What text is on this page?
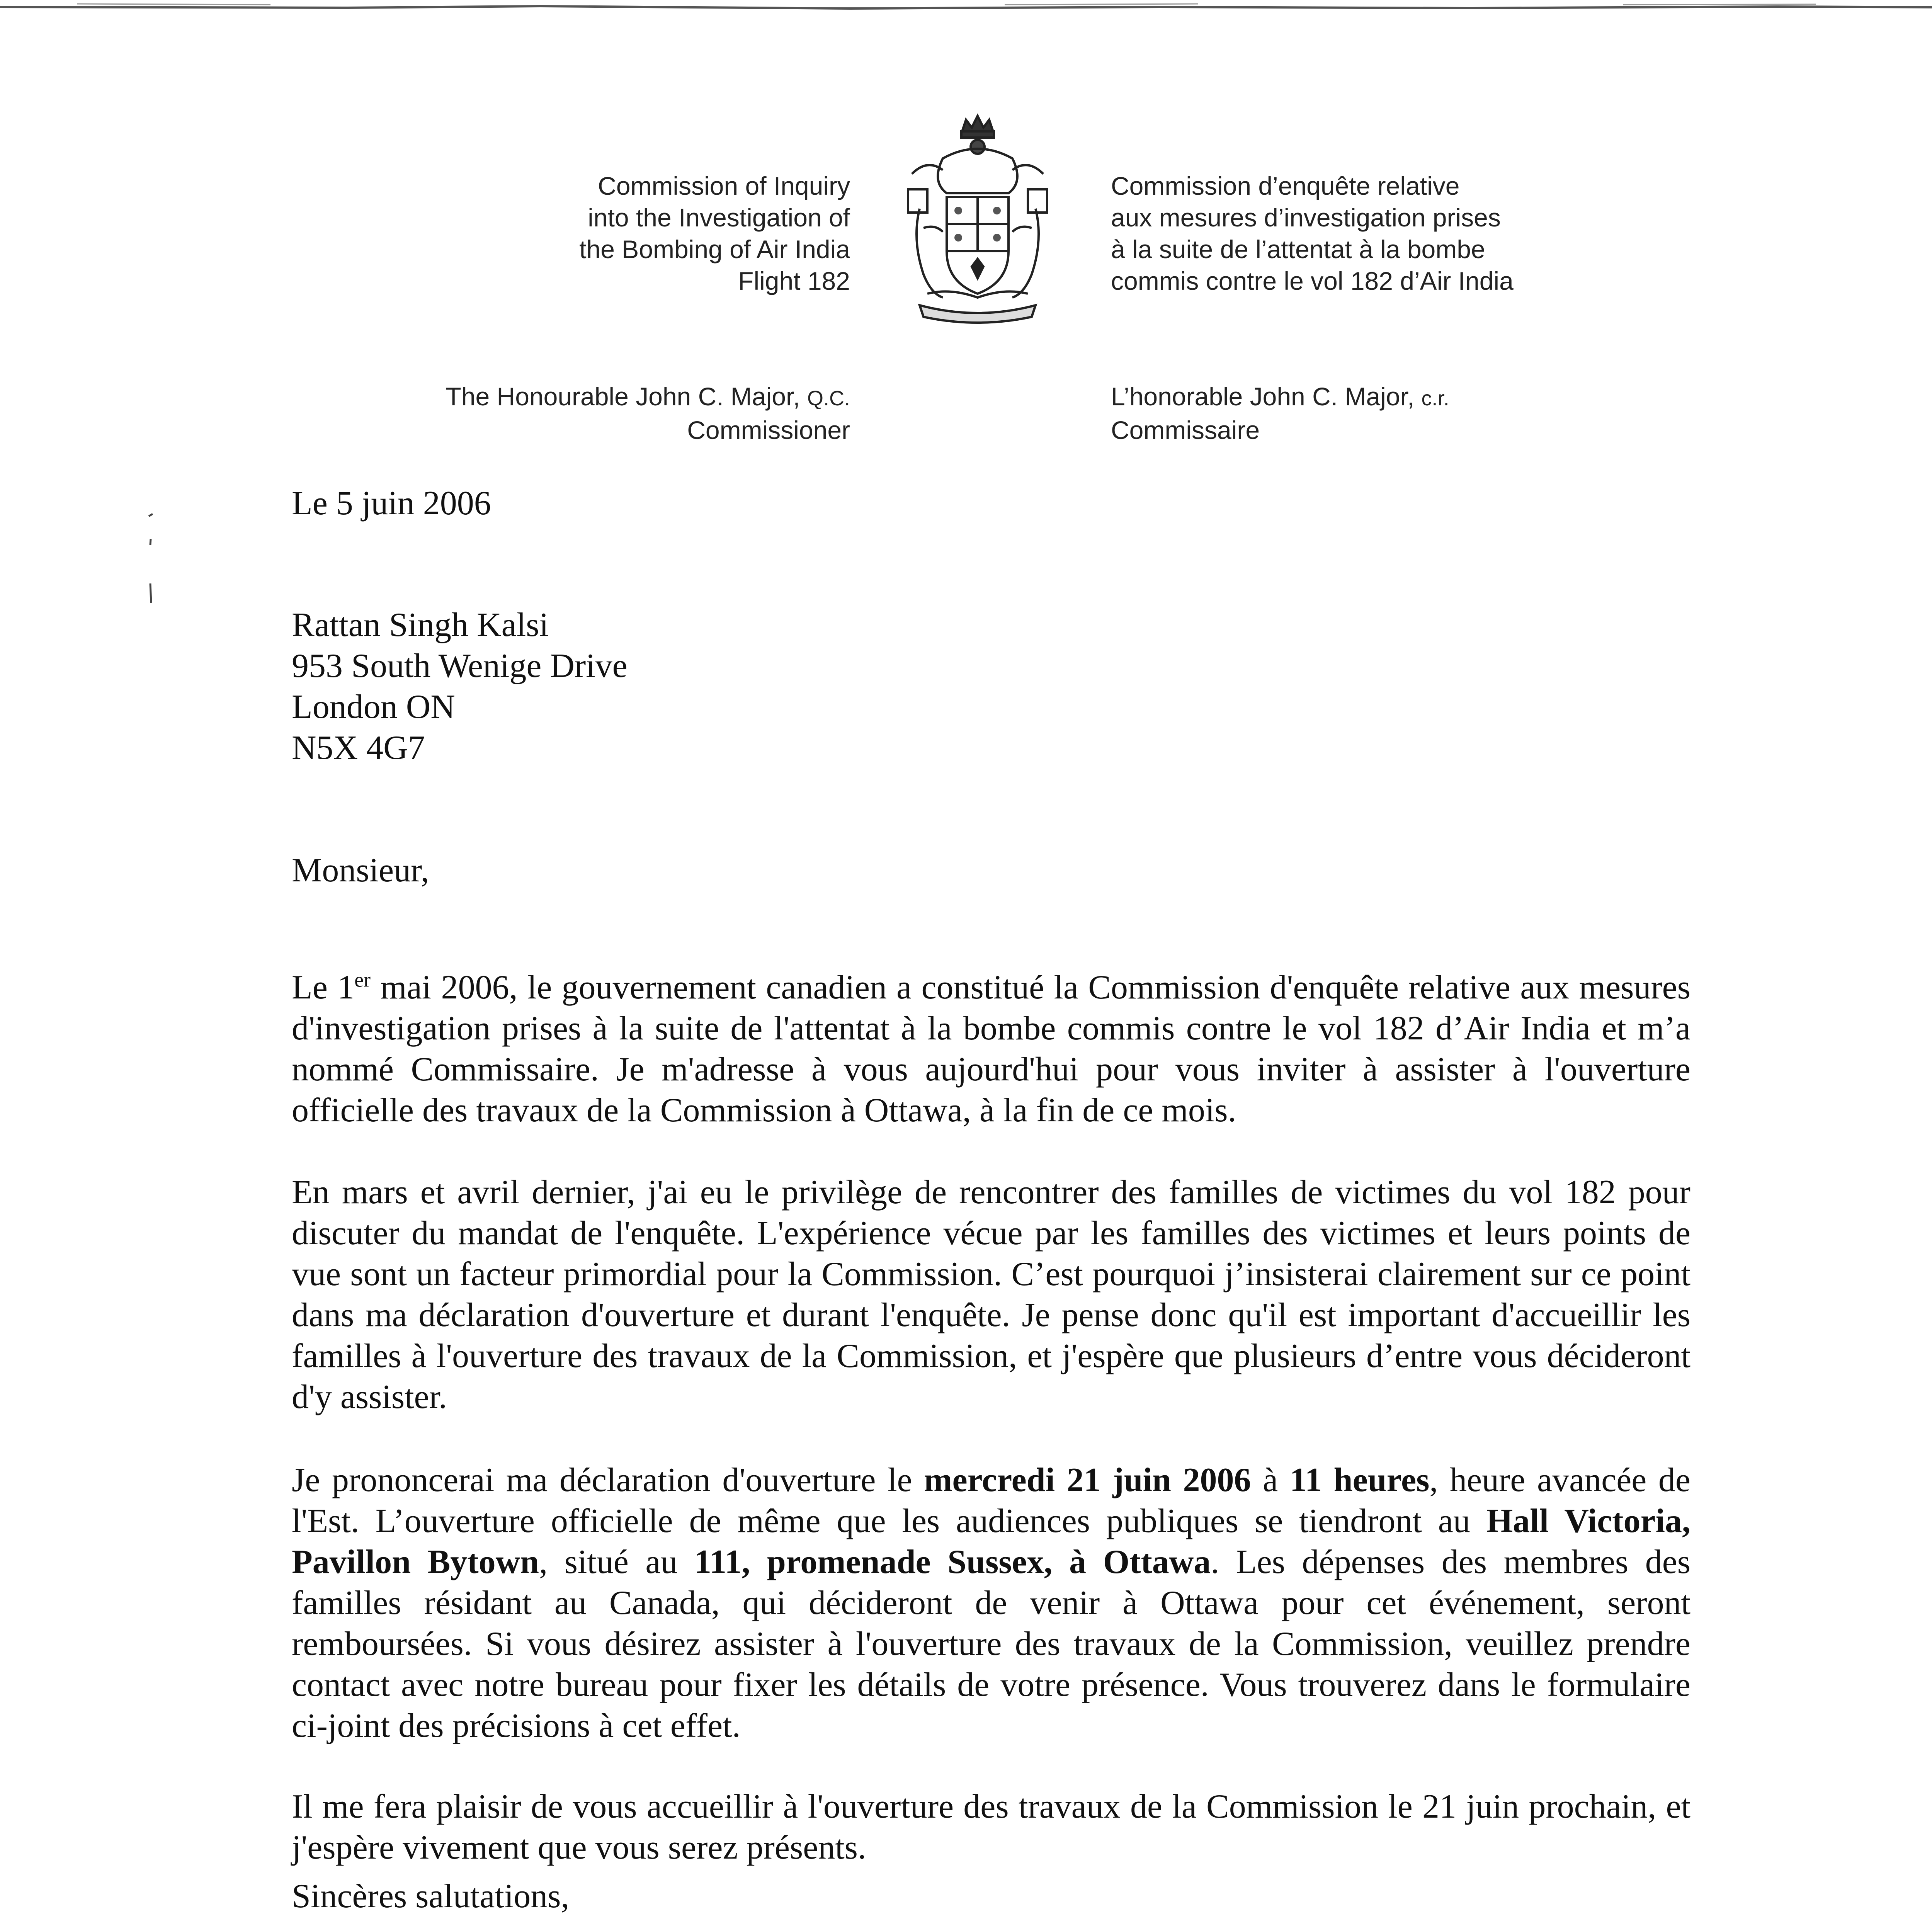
Commission of Inquiry
into the Investigation of
the Bombing of Air India
Flight 182
Commission d’enquête relative
aux mesures d’investigation prises
à la suite de l’attentat à la bombe
commis contre le vol 182 d’Air India
The Honourable John C. Major, Q.C.
Commissioner
L’honorable John C. Major, c.r.
Commissaire
Le 5 juin 2006
Rattan Singh Kalsi
953 South Wenige Drive
London ON
N5X 4G7
Monsieur,

Le 1er mai 2006, le gouvernement canadien a constitué la Commission d'enquête relative aux mesures d'investigation prises à la suite de l'attentat à la bombe commis contre le vol 182 d’Air India et m’a nommé Commissaire. Je m'adresse à vous aujourd'hui pour vous inviter à assister à l'ouverture officielle des travaux de la Commission à Ottawa, à la fin de ce mois.

En mars et avril dernier, j'ai eu le privilège de rencontrer des familles de victimes du vol 182 pour discuter du mandat de l'enquête. L'expérience vécue par les familles des victimes et leurs points de vue sont un facteur primordial pour la Commission. C’est pourquoi j’insisterai clairement sur ce point dans ma déclaration d'ouverture et durant l'enquête. Je pense donc qu'il est important d'accueillir les familles à l'ouverture des travaux de la Commission, et j'espère que plusieurs d’entre vous décideront d'y assister.

Je prononcerai ma déclaration d'ouverture le mercredi 21 juin 2006 à 11 heures, heure avancée de l'Est. L’ouverture officielle de même que les audiences publiques se tiendront au Hall Victoria, Pavillon Bytown, situé au 111, promenade Sussex, à Ottawa. Les dépenses des membres des familles résidant au Canada, qui décideront de venir à Ottawa pour cet événement, seront remboursées. Si vous désirez assister à l'ouverture des travaux de la Commission, veuillez prendre contact avec notre bureau pour fixer les détails de votre présence. Vous trouverez dans le formulaire ci-joint des précisions à cet effet.

Il me fera plaisir de vous accueillir à l'ouverture des travaux de la Commission le 21 juin prochain, et j'espère vivement que vous serez présents.

Sincères salutations,
